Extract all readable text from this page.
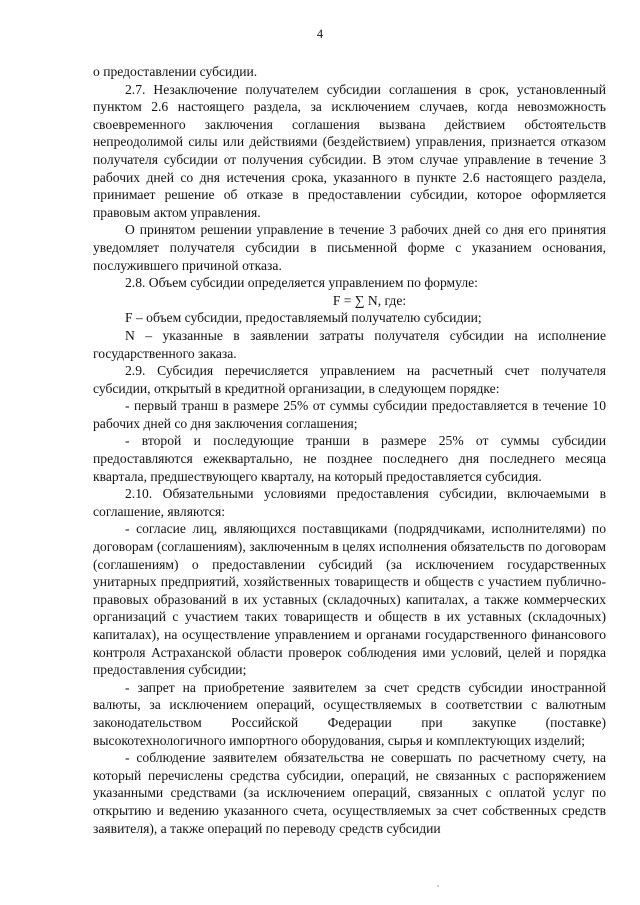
4

о предоставлении субсидии.

2.7. Незаключение получателем субсидии соглашения в срок, установленный пунктом 2.6 настоящего раздела, за исключением случаев, когда невозможность своевременного заключения соглашения вызвана действием обстоятельств непреодолимой силы или действиями (бездействием) управления, признается отказом получателя субсидии от получения субсидии. В этом случае управление в течение 3 рабочих дней со дня истечения срока, указанного в пункте 2.6 настоящего раздела, принимает решение об отказе в предоставлении субсидии, которое оформляется правовым актом управления.

О принятом решении управление в течение 3 рабочих дней со дня его принятия уведомляет получателя субсидии в письменной форме с указанием основания, послужившего причиной отказа.

2.8. Объем субсидии определяется управлением по формуле:

F = ∑ N, где:

F – объем субсидии, предоставляемый получателю субсидии;

N – указанные в заявлении затраты получателя субсидии на исполнение государственного заказа.

2.9. Субсидия перечисляется управлением на расчетный счет получателя субсидии, открытый в кредитной организации, в следующем порядке:

- первый транш в размере 25% от суммы субсидии предоставляется в течение 10 рабочих дней со дня заключения соглашения;

- второй и последующие транши в размере 25% от суммы субсидии предоставляются ежеквартально, не позднее последнего дня последнего месяца квартала, предшествующего кварталу, на который предоставляется субсидия.

2.10. Обязательными условиями предоставления субсидии, включаемыми в соглашение, являются:

- согласие лиц, являющихся поставщиками (подрядчиками, исполнителями) по договорам (соглашениям), заключенным в целях исполнения обязательств по договорам (соглашениям) о предоставлении субсидий (за исключением государственных унитарных предприятий, хозяйственных товариществ и обществ с участием публично-правовых образований в их уставных (складочных) капиталах, а также коммерческих организаций с участием таких товариществ и обществ в их уставных (складочных) капиталах), на осуществление управлением и органами государственного финансового контроля Астраханской области проверок соблюдения ими условий, целей и порядка предоставления субсидии;

- запрет на приобретение заявителем за счет средств субсидии иностранной валюты, за исключением операций, осуществляемых в соответствии с валютным законодательством Российской Федерации при закупке (поставке) высокотехнологичного импортного оборудования, сырья и комплектующих изделий;

- соблюдение заявителем обязательства не совершать по расчетному счету, на который перечислены средства субсидии, операций, не связанных с распоряжением указанными средствами (за исключением операций, связанных с оплатой услуг по открытию и ведению указанного счета, осуществляемых за счет собственных средств заявителя), а также операций по переводу средств субсидии
